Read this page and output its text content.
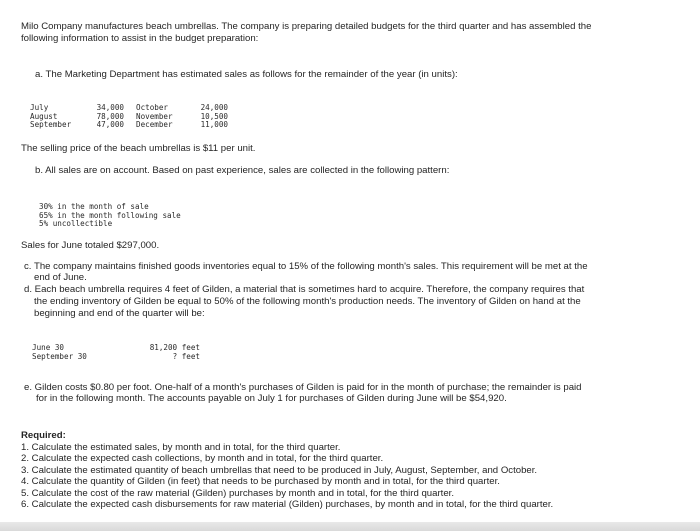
Milo Company manufactures beach umbrellas. The company is preparing detailed budgets for the third quarter and has assembled the
following information to assist in the budget preparation:
a. The Marketing Department has estimated sales as follows for the remainder of the year (in units):
July	34,000 October	24,000
August	78,000 November	10,500
September	47,000 December	11,000
The selling price of the beach umbrellas is $11 per unit.
b. All sales are on account. Based on past experience, sales are collected in the following pattern:
30% in the month of sale
65% in the month following sale
5% uncollectible
Sales for June totaled $297,000.
c. The company maintains finished goods inventories equal to 15% of the following month's sales. This requirement will be met at the
end of June.
d. Each beach umbrella requires 4 feet of Gilden, a material that is sometimes hard to acquire. Therefore, the company requires that
the ending inventory of Gilden be equal to 50% of the following month's production needs. The inventory of Gilden on hand at the
beginning and end of the quarter will be:
June 30	81,200 feet
September 30	? feet
e. Gilden costs $0.80 per foot. One-half of a month's purchases of Gilden is paid for in the month of purchase; the remainder is paid
for in the following month. The accounts payable on July 1 for purchases of Gilden during June will be $54,920.
Required:
1. Calculate the estimated sales, by month and in total, for the third quarter.
2. Calculate the expected cash collections, by month and in total, for the third quarter.
3. Calculate the estimated quantity of beach umbrellas that need to be produced in July, August, September, and October.
4. Calculate the quantity of Gilden (in feet) that needs to be purchased by month and in total, for the third quarter.
5. Calculate the cost of the raw material (Gilden) purchases by month and in total, for the third quarter.
6. Calculate the expected cash disbursements for raw material (Gilden) purchases, by month and in total, for the third quarter.
